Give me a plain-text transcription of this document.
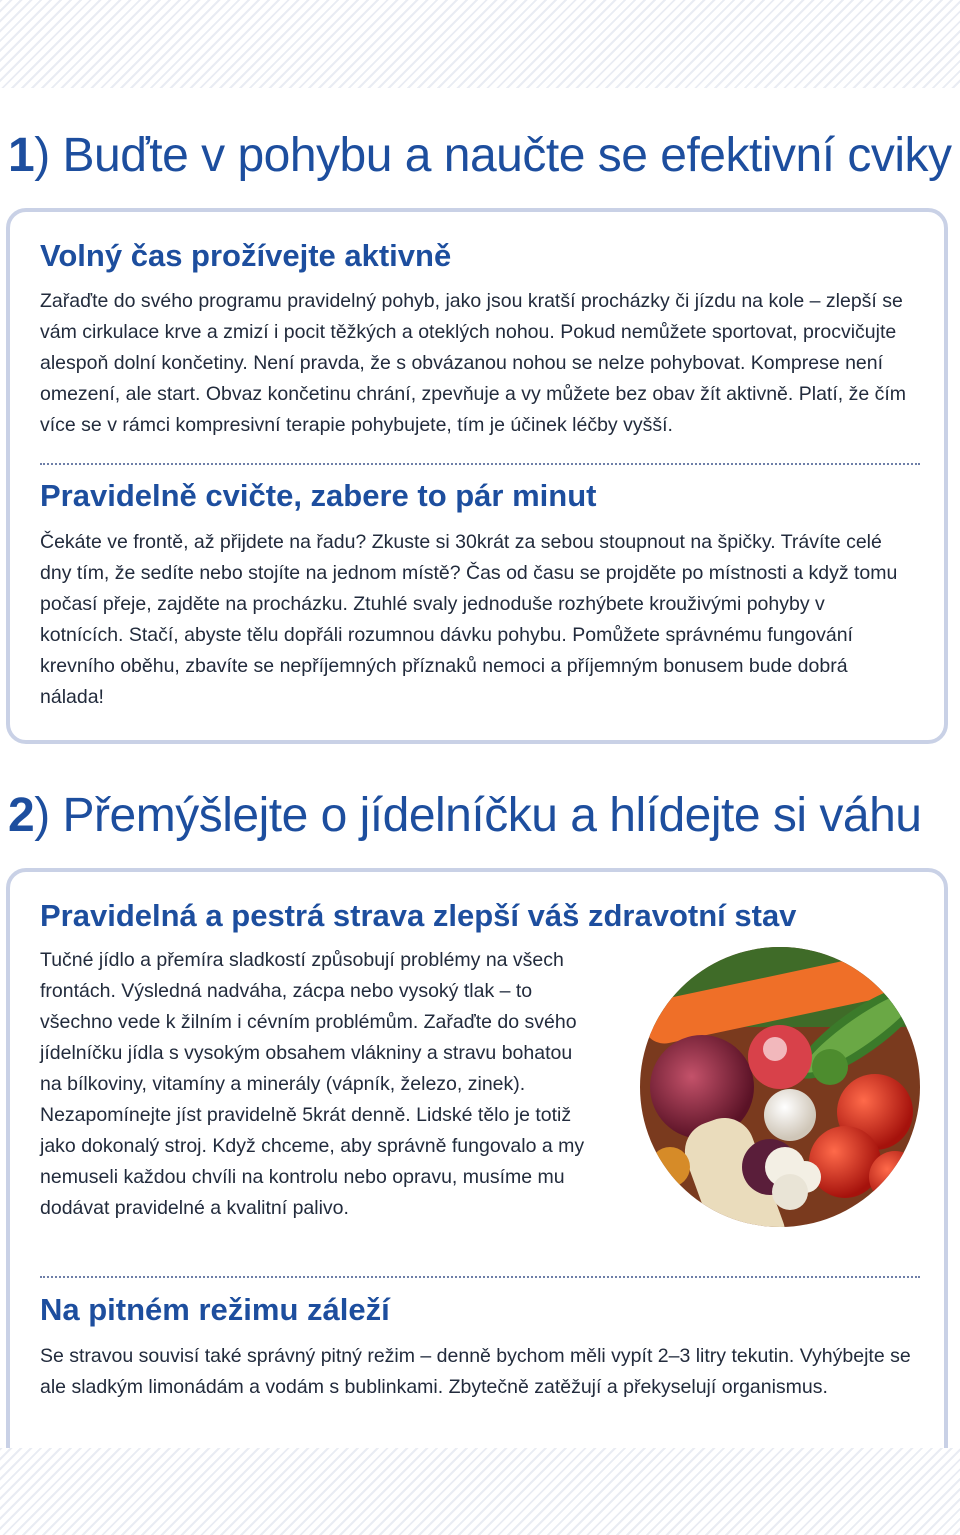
1) Buďte v pohybu a naučte se efektivní cviky
Volný čas prožívejte aktivně

Zařaďte do svého programu pravidelný pohyb, jako jsou kratší procházky či jízdu na kole – zlepší se vám cirkulace krve a zmizí i pocit těžkých a oteklých nohou. Pokud nemůžete sportovat, procvičujte alespoň dolní končetiny. Není pravda, že s obvázanou nohou se nelze pohybovat. Komprese není omezení, ale start. Obvaz končetinu chrání, zpevňuje a vy můžete bez obav žít aktivně. Platí, že čím více se v rámci kompresivní terapie pohybujete, tím je účinek léčby vyšší.

Pravidelně cvičte, zabere to pár minut

Čekáte ve frontě, až přijdete na řadu? Zkuste si 30krát za sebou stoupnout na špičky. Trávíte celé dny tím, že sedíte nebo stojíte na jednom místě? Čas od času se projděte po místnosti a když tomu počasí přeje, zajděte na procházku. Ztuhlé svaly jednoduše rozhýbete krouživými pohyby v kotnících. Stačí, abyste tělu dopřáli rozumnou dávku pohybu. Pomůžete správnému fungování krevního oběhu, zbavíte se nepříjemných příznaků nemoci a příjemným bonusem bude dobrá nálada!

2) Přemýšlejte o jídelníčku a hlídejte si váhu
Pravidelná a pestrá strava zlepší váš zdravotní stav

Tučné jídlo a přemíra sladkostí způsobují problémy na všech frontách. Výsledná nadváha, zácpa nebo vysoký tlak – to všechno vede k žilním i cévním problémům. Zařaďte do svého jídelníčku jídla s vysokým obsahem vlákniny a stravu bohatou na bílkoviny, vitamíny a minerály (vápník, železo, zinek). Nezapomínejte jíst pravidelně 5krát denně. Lidské tělo je totiž jako dokonalý stroj. Když chceme, aby správně fungovalo a my nemuseli každou chvíli na kontrolu nebo opravu, musíme mu dodávat pravidelné a kvalitní palivo.

Na pitném režimu záleží

Se stravou souvisí také správný pitný režim – denně bychom měli vypít 2–3 litry tekutin. Vyhýbejte se ale sladkým limonádám a vodám s bublinkami. Zbytečně zatěžují a překyselují organismus.
